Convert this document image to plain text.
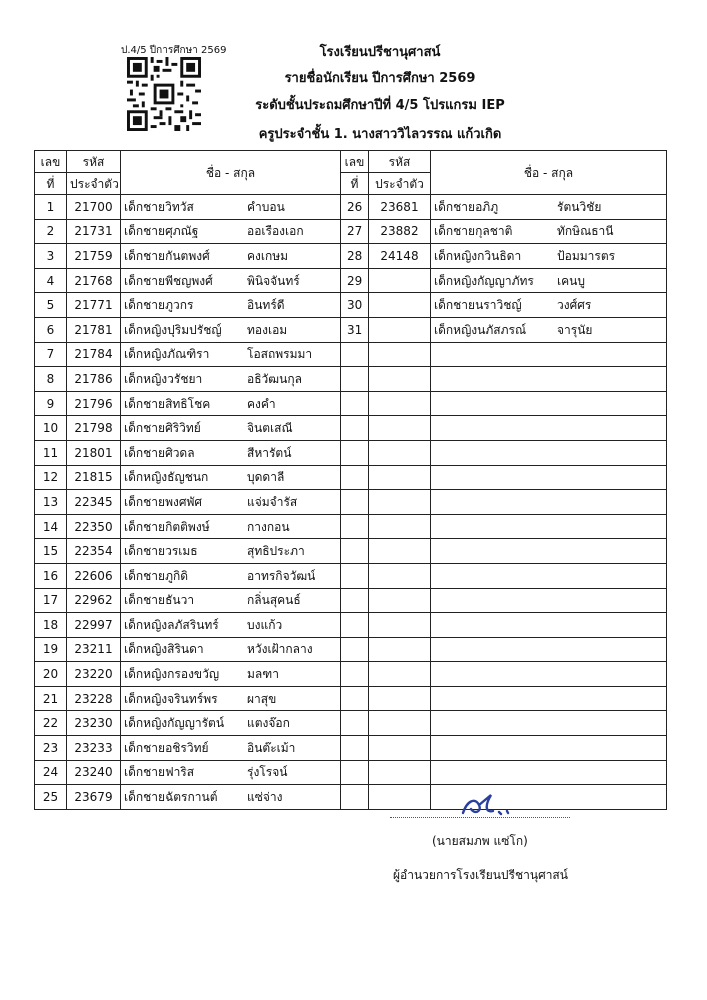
ป.4/5 ปีการศึกษา 2569	โรงเรียนปรีชานุศาสน์
รายชื่อนักเรียน ปีการศึกษา 2569
ระดับชั้นประถมศึกษาปีที่ 4/5 โปรแกรม IEP
ครูประจำชั้น 1. นางสาววิไลวรรณ แก้วเกิด
เลข	รหัส	ชื่อ - สกุล	เลข	รหัส	ชื่อ - สกุล
ที่	ประจำตัว		ที่	ประจำตัว	
1	21700	เด็กชายวิทวัส คำบอน	26	23681	เด็กชายอภิภู รัตนวิชัย

2	21731	เด็กชายศุภณัฐ ออเรืองเอก	27	23882	เด็กชายกุลชาติ ทักษิณธานี

3	21759	เด็กชายกันตพงศ์ คงเกษม	28	24148	เด็กหญิงกวินธิดา ป้อมมารตร

4	21768	เด็กชายพีชญพงศ์ พินิจจันทร์	29		เด็กหญิงกัญญาภัทร เคนบู

5	21771	เด็กชายภูวกร อินทร์ดี	30		เด็กชายนราวิชญ์ วงศ์ศร

6	21781	เด็กหญิงปุริมปรัชญ์ ทองเอม	31		เด็กหญิงนภัสภรณ์ จารุนัย

7	21784	เด็กหญิงภัณฑิรา โอสถพรมมา			

8	21786	เด็กหญิงวรัชยา อธิวัฒนกุล			

9	21796	เด็กชายสิทธิโชค คงคำ			

10	21798	เด็กชายศิริวิทย์ จินตเสณี			

11	21801	เด็กชายศิวดล สีหารัตน์			

12	21815	เด็กหญิงธัญชนก บุดดาลี			

13	22345	เด็กชายพงศพัศ แจ่มจำรัส			

14	22350	เด็กชายกิตติพงษ์ กางกอน			

15	22354	เด็กชายวรเมธ สุทธิประภา			

16	22606	เด็กชายภูกิดิ อาทรกิจวัฒน์			

17	22962	เด็กชายธันวา กลิ่นสุคนธ์			

18	22997	เด็กหญิงลภัสรินทร์ บงแก้ว			

19	23211	เด็กหญิงสิรินดา หวังเฝ้ากลาง			

20	23220	เด็กหญิงกรองขวัญ มลฑา			

21	23228	เด็กหญิงจรินทร์พร ผาสุข			

22	23230	เด็กหญิงกัญญารัตน์ แตงจ๊อก			

23	23233	เด็กชายอชิรวิทย์ อินต๊ะเม้า			

24	23240	เด็กชายฟาริส รุ่งโรจน์			

25	23679	เด็กชายฉัตรกานต์ แซ่จ่าง			

(นายสมภพ แซ่โก)
ผู้อำนวยการโรงเรียนปรีชานุศาสน์
